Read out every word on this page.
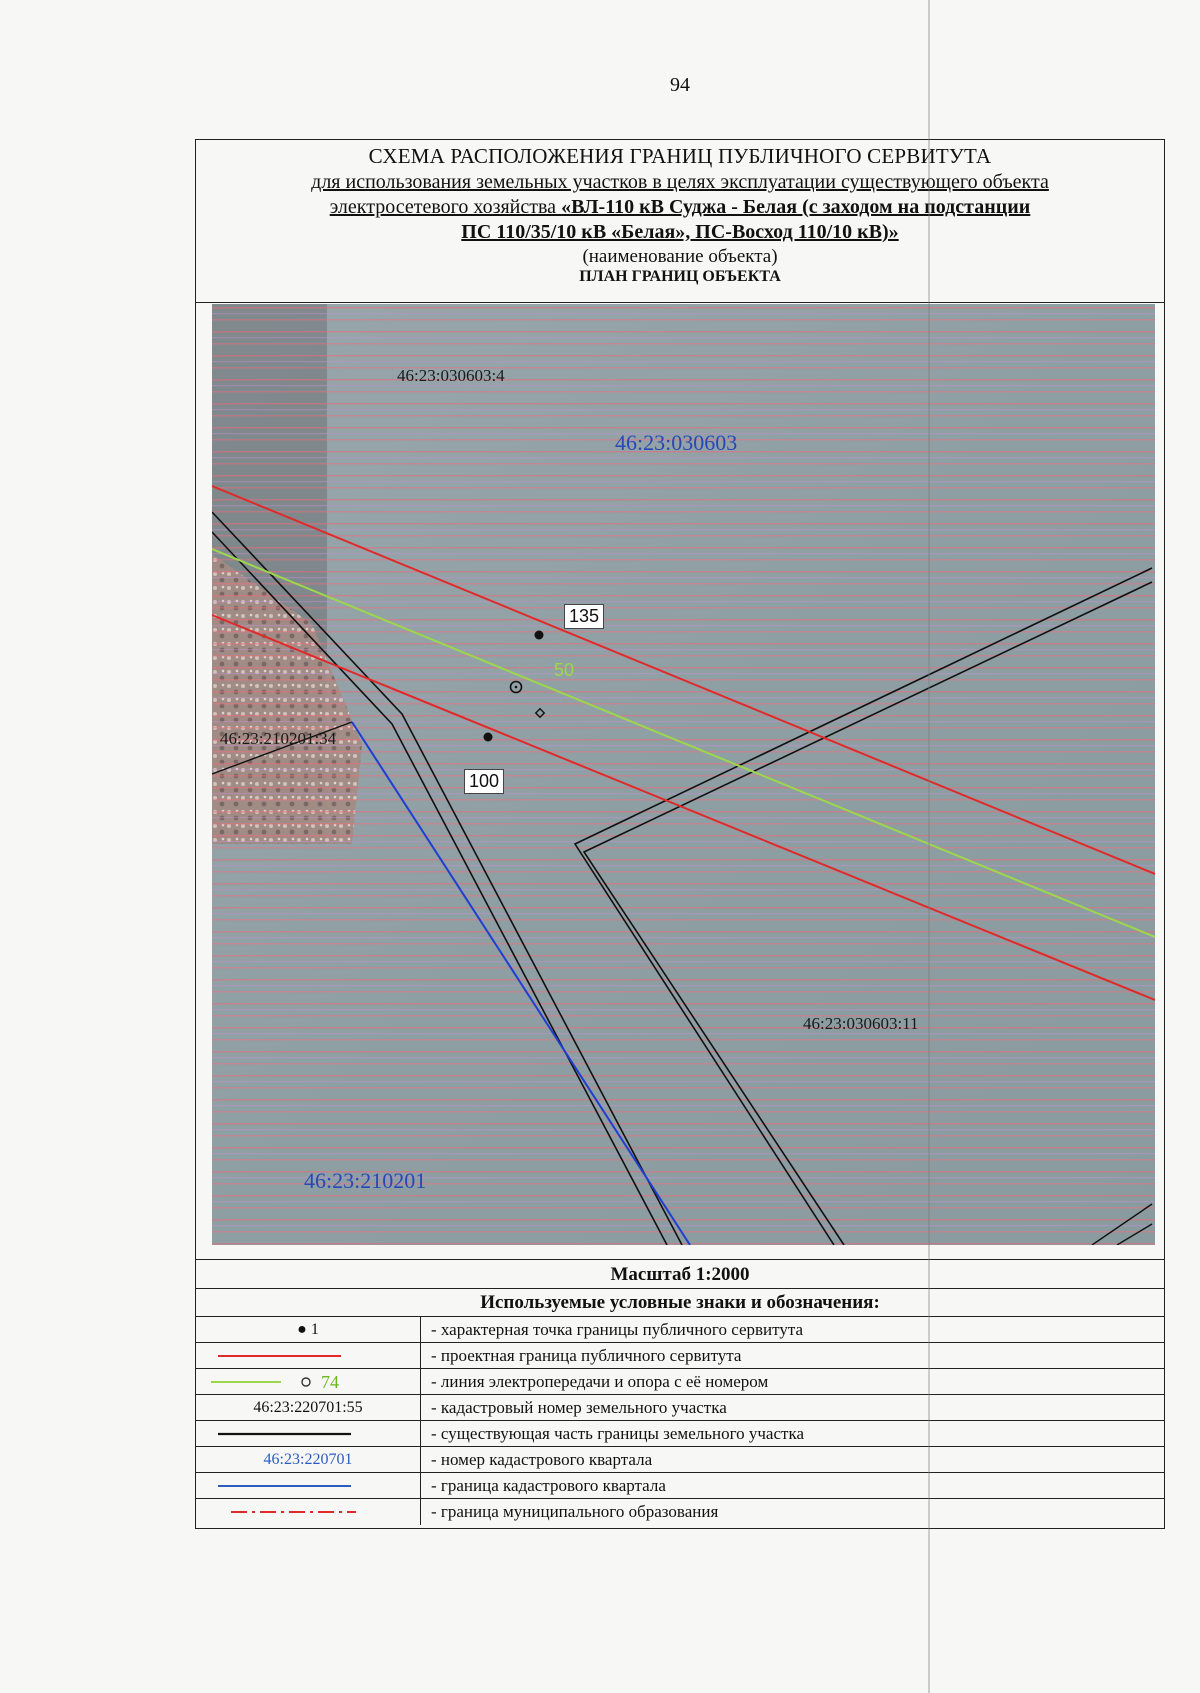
94
СХЕМА РАСПОЛОЖЕНИЯ ГРАНИЦ ПУБЛИЧНОГО СЕРВИТУТА
для использования земельных участков в целях эксплуатации существующего объекта
электросетевого хозяйства «ВЛ-110 кВ Суджа - Белая (с заходом на подстанции
ПС 110/35/10 кВ «Белая», ПС-Восход 110/10 кВ)»
(наименование объекта)
ПЛАН ГРАНИЦ ОБЪЕКТА
46:23:030603:4
46:23:030603
46:23:210201:34
46:23:030603:11
46:23:210201
135
100
50
Масштаб 1:2000
Используемые условные знаки и обозначения:
● 1	- характерная точка границы публичного сервитута
- проектная граница публичного сервитута
74	- линия электропередачи и опора с её номером
46:23:220701:55	- кадастровый номер земельного участка
- существующая часть границы земельного участка
46:23:220701	- номер кадастрового квартала
- граница кадастрового квартала
- граница муниципального образования
